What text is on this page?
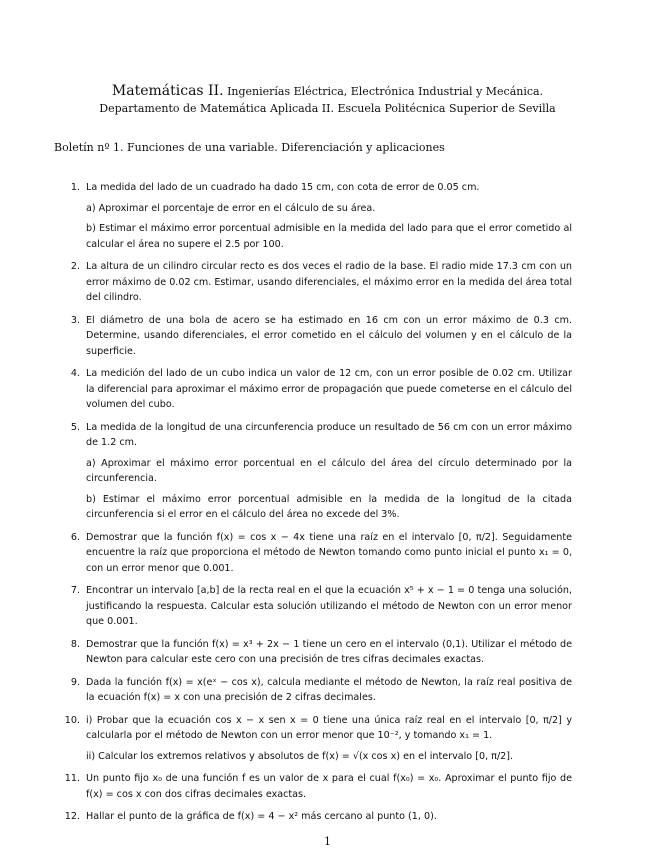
Matemáticas II. Ingenierías Eléctrica, Electrónica Industrial y Mecánica.
Departamento de Matemática Aplicada II. Escuela Politécnica Superior de Sevilla
Boletín nº 1. Funciones de una variable. Diferenciación y aplicaciones
1. La medida del lado de un cuadrado ha dado 15 cm, con cota de error de 0.05 cm.

a) Aproximar el porcentaje de error en el cálculo de su área.

b) Estimar el máximo error porcentual admisible en la medida del lado para que el error cometido al calcular el área no supere el 2.5 por 100.

2. La altura de un cilindro circular recto es dos veces el radio de la base. El radio mide 17.3 cm con un error máximo de 0.02 cm. Estimar, usando diferenciales, el máximo error en la medida del área total del cilindro.

3. El diámetro de una bola de acero se ha estimado en 16 cm con un error máximo de 0.3 cm. Determine, usando diferenciales, el error cometido en el cálculo del volumen y en el cálculo de la superficie.

4. La medición del lado de un cubo indica un valor de 12 cm, con un error posible de 0.02 cm. Utilizar la diferencial para aproximar el máximo error de propagación que puede cometerse en el cálculo del volumen del cubo.

5. La medida de la longitud de una circunferencia produce un resultado de 56 cm con un error máximo de 1.2 cm.

a) Aproximar el máximo error porcentual en el cálculo del área del círculo determinado por la circunferencia.

b) Estimar el máximo error porcentual admisible en la medida de la longitud de la citada circunferencia si el error en el cálculo del área no excede del 3%.

6. Demostrar que la función f(x) = cos x − 4x tiene una raíz en el intervalo [0, π/2]. Seguidamente encuentre la raíz que proporciona el método de Newton tomando como punto inicial el punto x₁ = 0, con un error menor que 0.001.

7. Encontrar un intervalo [a,b] de la recta real en el que la ecuación x⁵ + x − 1 = 0 tenga una solución, justificando la respuesta. Calcular esta solución utilizando el método de Newton con un error menor que 0.001.

8. Demostrar que la función f(x) = x³ + 2x − 1 tiene un cero en el intervalo (0,1). Utilizar el método de Newton para calcular este cero con una precisión de tres cifras decimales exactas.

9. Dada la función f(x) = x(eˣ − cos x), calcula mediante el método de Newton, la raíz real positiva de la ecuación f(x) = x con una precisión de 2 cifras decimales.

10. i) Probar que la ecuación cos x − x sen x = 0 tiene una única raíz real en el intervalo [0, π/2] y calcularla por el método de Newton con un error menor que 10⁻², y tomando x₁ = 1.

ii) Calcular los extremos relativos y absolutos de f(x) = √(x cos x) en el intervalo [0, π/2].

11. Un punto fijo x₀ de una función f es un valor de x para el cual f(x₀) = x₀. Aproximar el punto fijo de f(x) = cos x con dos cifras decimales exactas.

12. Hallar el punto de la gráfica de f(x) = 4 − x² más cercano al punto (1, 0).

1
